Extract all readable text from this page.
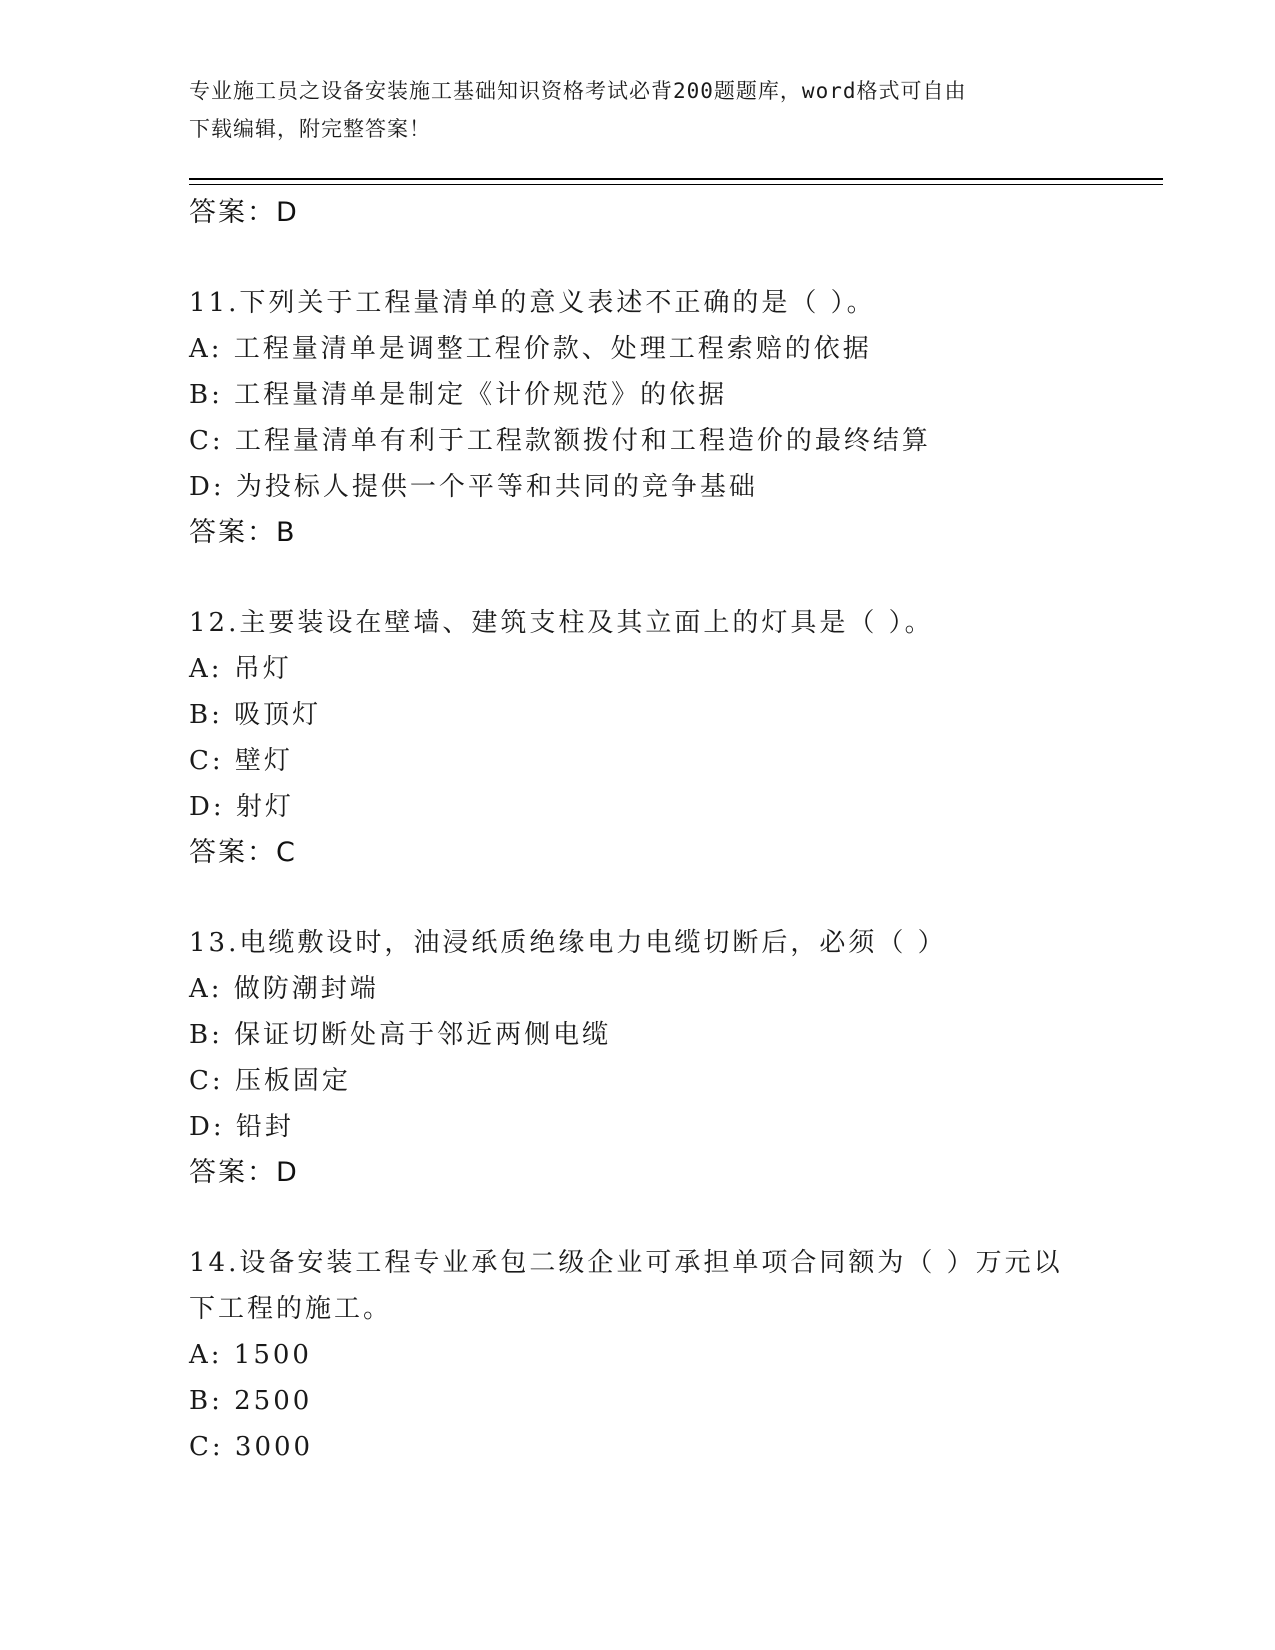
专业施工员之设备安装施工基础知识资格考试必背200题题库，word格式可自由
下载编辑，附完整答案！
答案：D
11.下列关于工程量清单的意义表述不正确的是（ ）。
A: 工程量清单是调整工程价款、处理工程索赔的依据
B: 工程量清单是制定《计价规范》的依据
C: 工程量清单有利于工程款额拨付和工程造价的最终结算
D: 为投标人提供一个平等和共同的竞争基础
答案：B
12.主要装设在壁墙、建筑支柱及其立面上的灯具是（ ）。
A: 吊灯
B: 吸顶灯
C: 壁灯
D: 射灯
答案：C
13.电缆敷设时，油浸纸质绝缘电力电缆切断后，必须（ ）
A: 做防潮封端
B: 保证切断处高于邻近两侧电缆
C: 压板固定
D: 铅封
答案：D
14.设备安装工程专业承包二级企业可承担单项合同额为（ ）万元以
下工程的施工。
A: 1500
B: 2500
C: 3000
